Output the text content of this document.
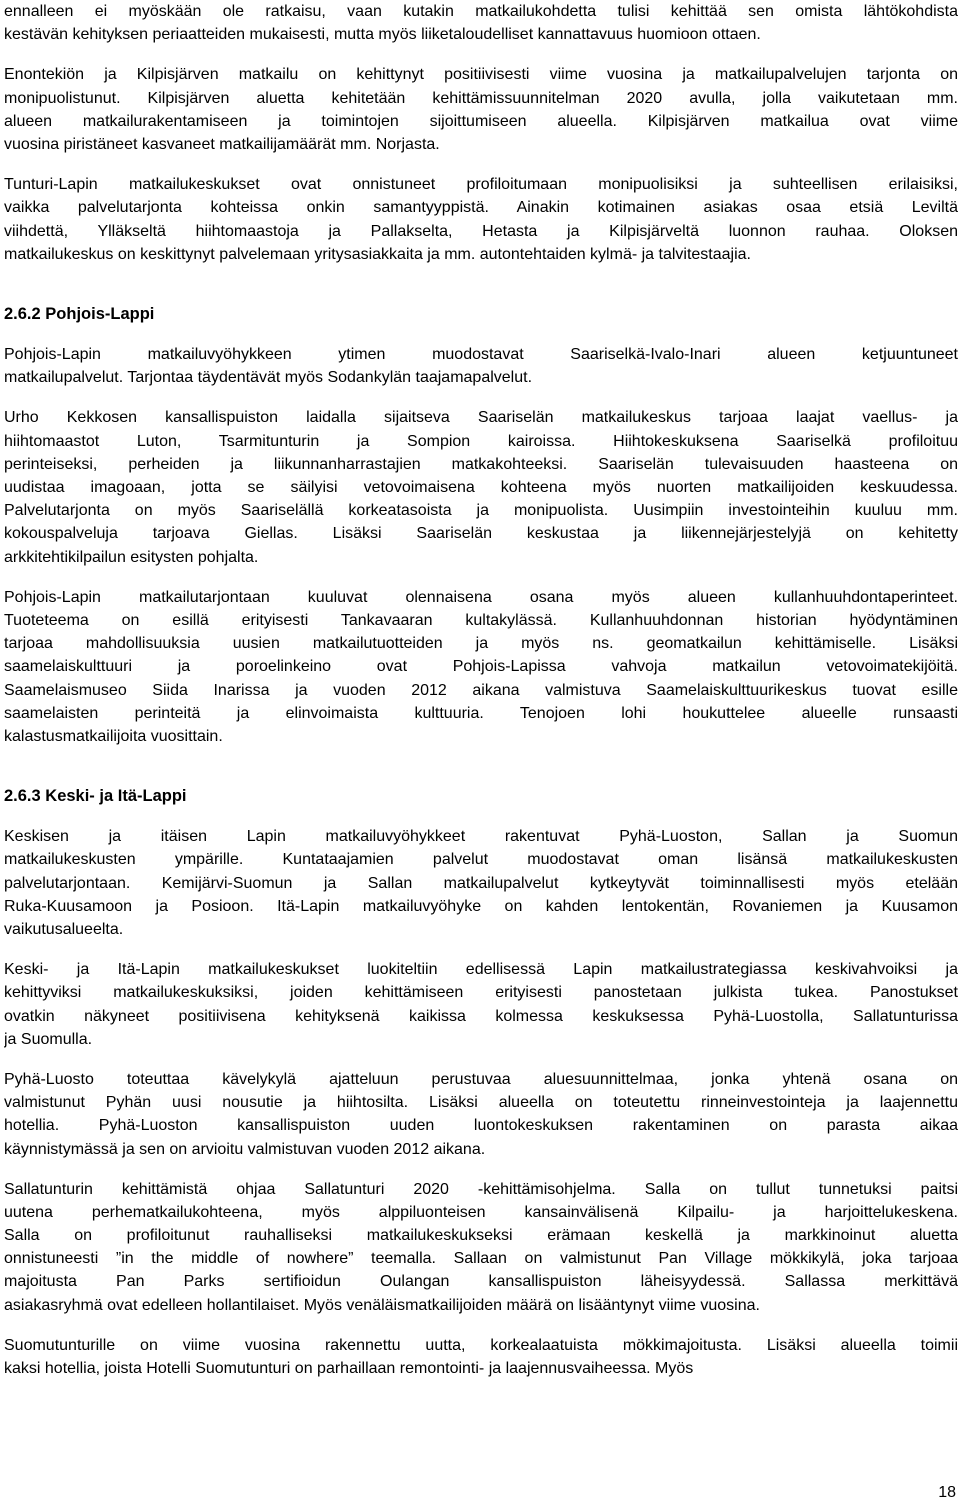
ennalleen ei myöskään ole ratkaisu, vaan kutakin matkailukohdetta tulisi kehittää sen omista lähtökohdista
kestävän kehityksen periaatteiden mukaisesti, mutta myös liiketaloudelliset kannattavuus huomioon ottaen.
Enontekiön ja Kilpisjärven matkailu on kehittynyt positiivisesti viime vuosina ja matkailupalvelujen tarjonta on
monipuolistunut. Kilpisjärven aluetta kehitetään kehittämissuunnitelman 2020 avulla, jolla vaikutetaan mm.
alueen matkailurakentamiseen ja toimintojen sijoittumiseen alueella. Kilpisjärven matkailua ovat viime
vuosina piristäneet kasvaneet matkailijamäärät mm. Norjasta.
Tunturi-Lapin matkailukeskukset ovat onnistuneet profiloitumaan monipuolisiksi ja suhteellisen erilaisiksi,
vaikka palvelutarjonta kohteissa onkin samantyyppistä. Ainakin kotimainen asiakas osaa etsiä Leviltä
viihdettä, Ylläkseltä hiihtomaastoja ja Pallakselta, Hetasta ja Kilpisjärveltä luonnon rauhaa. Oloksen
matkailukeskus on keskittynyt palvelemaan yritysasiakkaita ja mm. autontehtaiden kylmä- ja talvitestaajia.
2.6.2 Pohjois-Lappi
Pohjois-Lapin matkailuvyöhykkeen ytimen muodostavat Saariselkä-Ivalo-Inari alueen ketjuuntuneet
matkailupalvelut. Tarjontaa täydentävät myös Sodankylän taajamapalvelut.
Urho Kekkosen kansallispuiston laidalla sijaitseva Saariselän matkailukeskus tarjoaa laajat vaellus- ja
hiihtomaastot Luton, Tsarmitunturin ja Sompion kairoissa. Hiihtokeskuksena Saariselkä profiloituu
perinteiseksi, perheiden ja liikunnanharrastajien matkakohteeksi. Saariselän tulevaisuuden haasteena on
uudistaa imagoaan, jotta se säilyisi vetovoimaisena kohteena myös nuorten matkailijoiden keskuudessa.
Palvelutarjonta on myös Saariselällä korkeatasoista ja monipuolista. Uusimpiin investointeihin kuuluu mm.
kokouspalveluja tarjoava Giellas. Lisäksi Saariselän keskustaa ja liikennejärjestelyjä on kehitetty
arkkitehtikilpailun esitysten pohjalta.
Pohjois-Lapin matkailutarjontaan kuuluvat olennaisena osana myös alueen kullanhuuhdontaperinteet.
Tuoteteema on esillä erityisesti Tankavaaran kultakylässä. Kullanhuuhdonnan historian hyödyntäminen
tarjoaa mahdollisuuksia uusien matkailutuotteiden ja myös ns. geomatkailun kehittämiselle. Lisäksi
saamelaiskulttuuri ja poroelinkeino ovat Pohjois-Lapissa vahvoja matkailun vetovoimatekijöitä.
Saamelaismuseo Siida Inarissa ja vuoden 2012 aikana valmistuva Saamelaiskulttuurikeskus tuovat esille
saamelaisten perinteitä ja elinvoimaista kulttuuria. Tenojoen lohi houkuttelee alueelle runsaasti
kalastusmatkailijoita vuosittain.
2.6.3 Keski- ja Itä-Lappi
Keskisen ja itäisen Lapin matkailuvyöhykkeet rakentuvat Pyhä-Luoston, Sallan ja Suomun
matkailukeskusten ympärille. Kuntataajamien palvelut muodostavat oman lisänsä matkailukeskusten
palvelutarjontaan. Kemijärvi-Suomun ja Sallan matkailupalvelut kytkeytyvät toiminnallisesti myös etelään
Ruka-Kuusamoon ja Posioon. Itä-Lapin matkailuvyöhyke on kahden lentokentän, Rovaniemen ja Kuusamon
vaikutusalueelta.
Keski- ja Itä-Lapin matkailukeskukset luokiteltiin edellisessä Lapin matkailustrategiassa keskivahvoiksi ja
kehittyviksi matkailukeskuksiksi, joiden kehittämiseen erityisesti panostetaan julkista tukea. Panostukset
ovatkin näkyneet positiivisena kehityksenä kaikissa kolmessa keskuksessa Pyhä-Luostolla, Sallatunturissa
ja Suomulla.
Pyhä-Luosto toteuttaa kävelykylä ajatteluun perustuvaa aluesuunnittelmaa, jonka yhtenä osana on
valmistunut Pyhän uusi nousutie ja hiihtosilta. Lisäksi alueella on toteutettu rinneinvestointeja ja laajennettu
hotellia. Pyhä-Luoston kansallispuiston uuden luontokeskuksen rakentaminen on parasta aikaa
käynnistymässä ja sen on arvioitu valmistuvan vuoden 2012 aikana.
Sallatunturin kehittämistä ohjaa Sallatunturi 2020 -kehittämisohjelma. Salla on tullut tunnetuksi paitsi
uutena perhematkailukohteena, myös alppiluonteisen kansainvälisenä Kilpailu- ja harjoittelukeskena.
Salla on profiloitunut rauhalliseksi matkailukeskukseksi erämaan keskellä ja markkinoinut aluetta
onnistuneesti ”in the middle of nowhere” teemalla. Sallaan on valmistunut Pan Village mökkikylä, joka tarjoaa
majoitusta Pan Parks sertifioidun Oulangan kansallispuiston läheisyydessä. Sallassa merkittävä
asiakasryhmä ovat edelleen hollantilaiset. Myös venäläismatkailijoiden määrä on lisääntynyt viime vuosina.
Suomutunturille on viime vuosina rakennettu uutta, korkealaatuista mökkimajoitusta. Lisäksi alueella toimii
kaksi hotellia, joista Hotelli Suomutunturi on parhaillaan remontointi- ja laajennusvaiheessa. Myös
18
